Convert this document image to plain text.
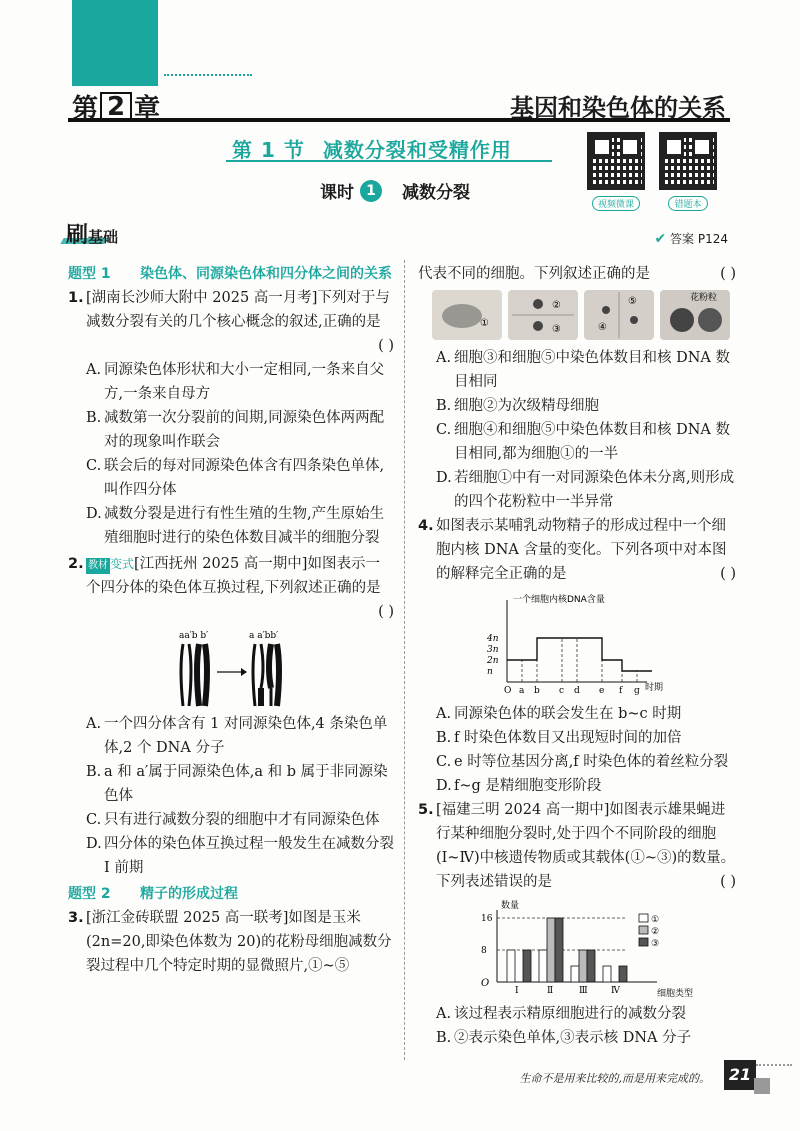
第 2 章	基因和染色体的关系
第 1 节 减数分裂和受精作用
课时 1	减数分裂
视频微课	错题本
刷基础	✔ 答案 P124
题型 1	染色体、同源染色体和四分体之间的关系
1. [湖南长沙师大附中 2025 高一月考]下列对于与减数分裂有关的几个核心概念的叙述,正确的是
( )
A. 同源染色体形状和大小一定相同,一条来自父方,一条来自母方
B. 减数第一次分裂前的间期,同源染色体两两配对的现象叫作联会
C. 联会后的每对同源染色体含有四条染色单体,叫作四分体
D. 减数分裂是进行有性生殖的生物,产生原始生殖细胞时进行的染色体数目减半的细胞分裂
2. 教材 变式[江西抚州 2025 高一期中]如图表示一个四分体的染色体互换过程,下列叙述正确的是
( )
aa′b b′	a a′bb′
A. 一个四分体含有 1 对同源染色体,4 条染色单体,2 个 DNA 分子
B. a 和 a′属于同源染色体,a 和 b 属于非同源染色体
C. 只有进行减数分裂的细胞中才有同源染色体
D. 四分体的染色体互换过程一般发生在减数分裂 Ⅰ 前期
题型 2	精子的形成过程
3. [浙江金砖联盟 2025 高一联考]如图是玉米(2n=20,即染色体数为 20)的花粉母细胞减数分裂过程中几个特定时期的显微照片,①~⑤
代表不同的细胞。下列叙述正确的是	( )
①
②
③	④
⑤	花粉粒
A. 细胞③和细胞⑤中染色体数目和核 DNA 数目相同
B. 细胞②为次级精母细胞
C. 细胞④和细胞⑤中染色体数目和核 DNA 数目相同,都为细胞①的一半
D. 若细胞①中有一对同源染色体未分离,则形成的四个花粉粒中一半异常
4. 如图表示某哺乳动物精子的形成过程中一个细胞内核 DNA 含量的变化。下列各项中对本图的解释完全正确的是	( )
一个细胞内核DNA含量
时期
n
2n
3n
4n
O a b c d e f g
A. 同源染色体的联会发生在 b~c 时期
B. f 时染色体数目又出现短时间的加倍
C. e 时等位基因分离,f 时染色体的着丝粒分裂
D. f~g 是精细胞变形阶段
5. [福建三明 2024 高一期中]如图表示雄果蝇进行某种细胞分裂时,处于四个不同阶段的细胞(Ⅰ~Ⅳ)中核遗传物质或其载体(①~③)的数量。下列表述错误的是	( )
数量
细胞类型
O
8
16
Ⅰ	Ⅱ	Ⅲ	Ⅳ
①
②
③
A. 该过程表示精原细胞进行的减数分裂
B. ②表示染色单体,③表示核 DNA 分子
生命不是用来比较的,而是用来完成的。	21
